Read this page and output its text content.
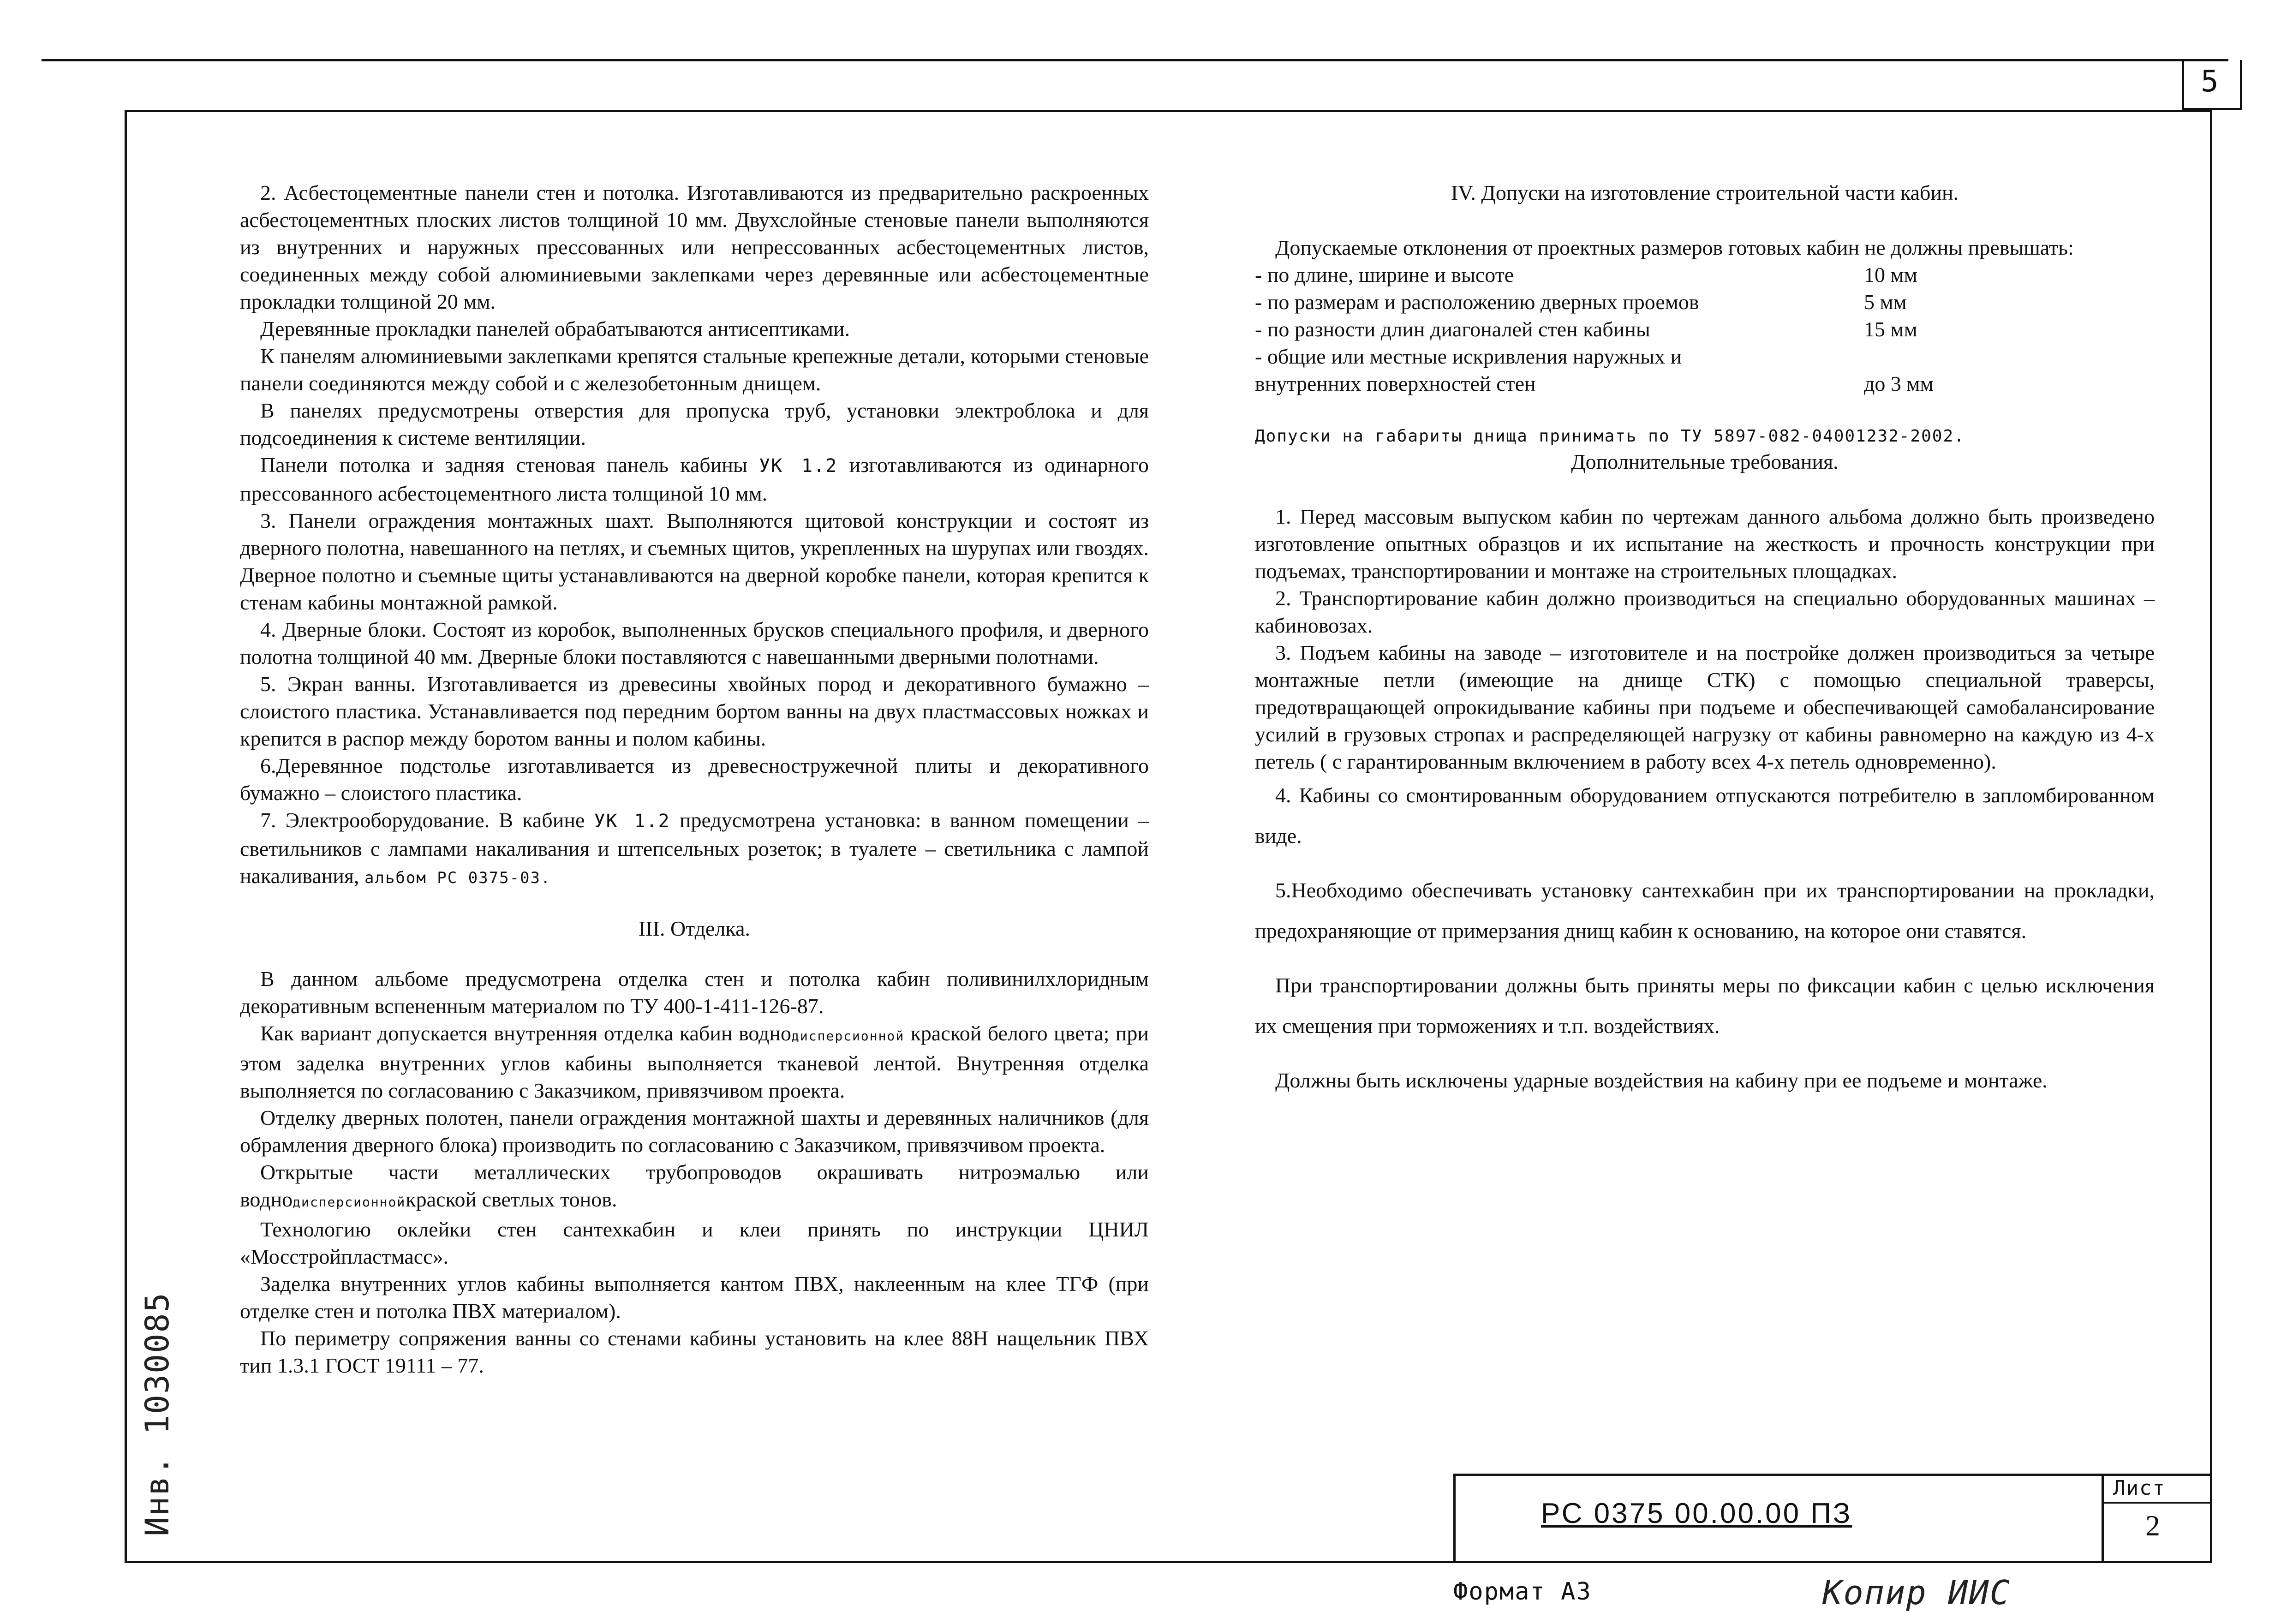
5

2. Асбестоцементные панели стен и потолка. Изготавливаются из предварительно раскроенных асбестоцементных плоских листов толщиной 10 мм. Двухслойные стеновые панели выполняются из внутренних и наружных прессованных или непрессованных асбестоцементных листов, соединенных между собой алюминиевыми заклепками через деревянные или асбестоцементные прокладки толщиной 20 мм.

Деревянные прокладки панелей обрабатываются антисептиками.

К панелям алюминиевыми заклепками крепятся стальные крепежные детали, которыми стеновые панели соединяются между собой и с железобетонным днищем.

В панелях предусмотрены отверстия для пропуска труб, установки электроблока и для подсоединения к системе вентиляции.

Панели потолка и задняя стеновая панель кабины УК 1.2 изготавливаются из одинарного прессованного асбестоцементного листа толщиной 10 мм.

3. Панели ограждения монтажных шахт. Выполняются щитовой конструкции и состоят из дверного полотна, навешанного на петлях, и съемных щитов, укрепленных на шурупах или гвоздях. Дверное полотно и съемные щиты устанавливаются на дверной коробке панели, которая крепится к стенам кабины монтажной рамкой.

4. Дверные блоки. Состоят из коробок, выполненных брусков специального профиля, и дверного полотна толщиной 40 мм. Дверные блоки поставляются с навешанными дверными полотнами.

5. Экран ванны. Изготавливается из древесины хвойных пород и декоративного бумажно – слоистого пластика. Устанавливается под передним бортом ванны на двух пластмассовых ножках и крепится в распор между боротом ванны и полом кабины.

6.Деревянное подстолье изготавливается из древесностружечной плиты и декоративного бумажно – слоистого пластика.

7. Электрооборудование. В кабине УК 1.2 предусмотрена установка: в ванном помещении – светильников с лампами накаливания и штепсельных розеток; в туалете – светильника с лампой накаливания, альбом РС 0375-03.

III. Отделка.

В данном альбоме предусмотрена отделка стен и потолка кабин поливинилхлоридным декоративным вспененным материалом по ТУ 400-1-411-126-87.

Как вариант допускается внутренняя отделка кабин воднодисперсионной краской белого цвета; при этом заделка внутренних углов кабины выполняется тканевой лентой. Внутренняя отделка выполняется по согласованию с Заказчиком, привязчивом проекта.

Отделку дверных полотен, панели ограждения монтажной шахты и деревянных наличников (для обрамления дверного блока) производить по согласованию с Заказчиком, привязчивом проекта.

Открытые части металлических трубопроводов окрашивать нитроэмалью или воднодисперсионнойкраской светлых тонов.

Технологию оклейки стен сантехкабин и клеи принять по инструкции ЦНИЛ «Мосстройпластмасс».

Заделка внутренних углов кабины выполняется кантом ПВХ, наклеенным на клее ТГФ (при отделке стен и потолка ПВХ материалом).

По периметру сопряжения ванны со стенами кабины установить на клее 88Н нащельник ПВХ тип 1.3.1 ГОСТ 19111 – 77.

IV. Допуски на изготовление строительной части кабин.

Допускаемые отклонения от проектных размеров готовых кабин не должны превышать:

- по длине, ширине и высоте	10 мм
- по размерам и расположению дверных проемов	5 мм
- по разности длин диагоналей стен кабины	15 мм
- общие или местные искривления наружных и
внутренних поверхностей стен	до 3 мм

Допуски на габариты днища принимать по ТУ 5897-082-04001232-2002.

Дополнительные требования.

1. Перед массовым выпуском кабин по чертежам данного альбома должно быть произведено изготовление опытных образцов и их испытание на жесткость и прочность конструкции при подъемах, транспортировании и монтаже на строительных площадках.

2. Транспортирование кабин должно производиться на специально оборудованных машинах – кабиновозах.

3. Подъем кабины на заводе – изготовителе и на постройке должен производиться за четыре монтажные петли (имеющие на днище СТК) с помощью специальной траверсы, предотвращающей опрокидывание кабины при подъеме и обеспечивающей самобалансирование усилий в грузовых стропах и распределяющей нагрузку от кабины равномерно на каждую из 4-х петель ( с гарантированным включением в работу всех 4-х петель одновременно).

4. Кабины со смонтированным оборудованием отпускаются потребителю в запломбированном виде.

5.Необходимо обеспечивать установку сантехкабин при их транспортировании на прокладки, предохраняющие от примерзания днищ кабин к основанию, на которое они ставятся.

При транспортировании должны быть приняты меры по фиксации кабин с целью исключения их смещения при торможениях и т.п. воздействиях.

Должны быть исключены ударные воздействия на кабину при ее подъеме и монтаже.

Инв. 1030085	РС 0375 00.00.00 ПЗ
Лист
2
Формат А3	Копир ИИС
